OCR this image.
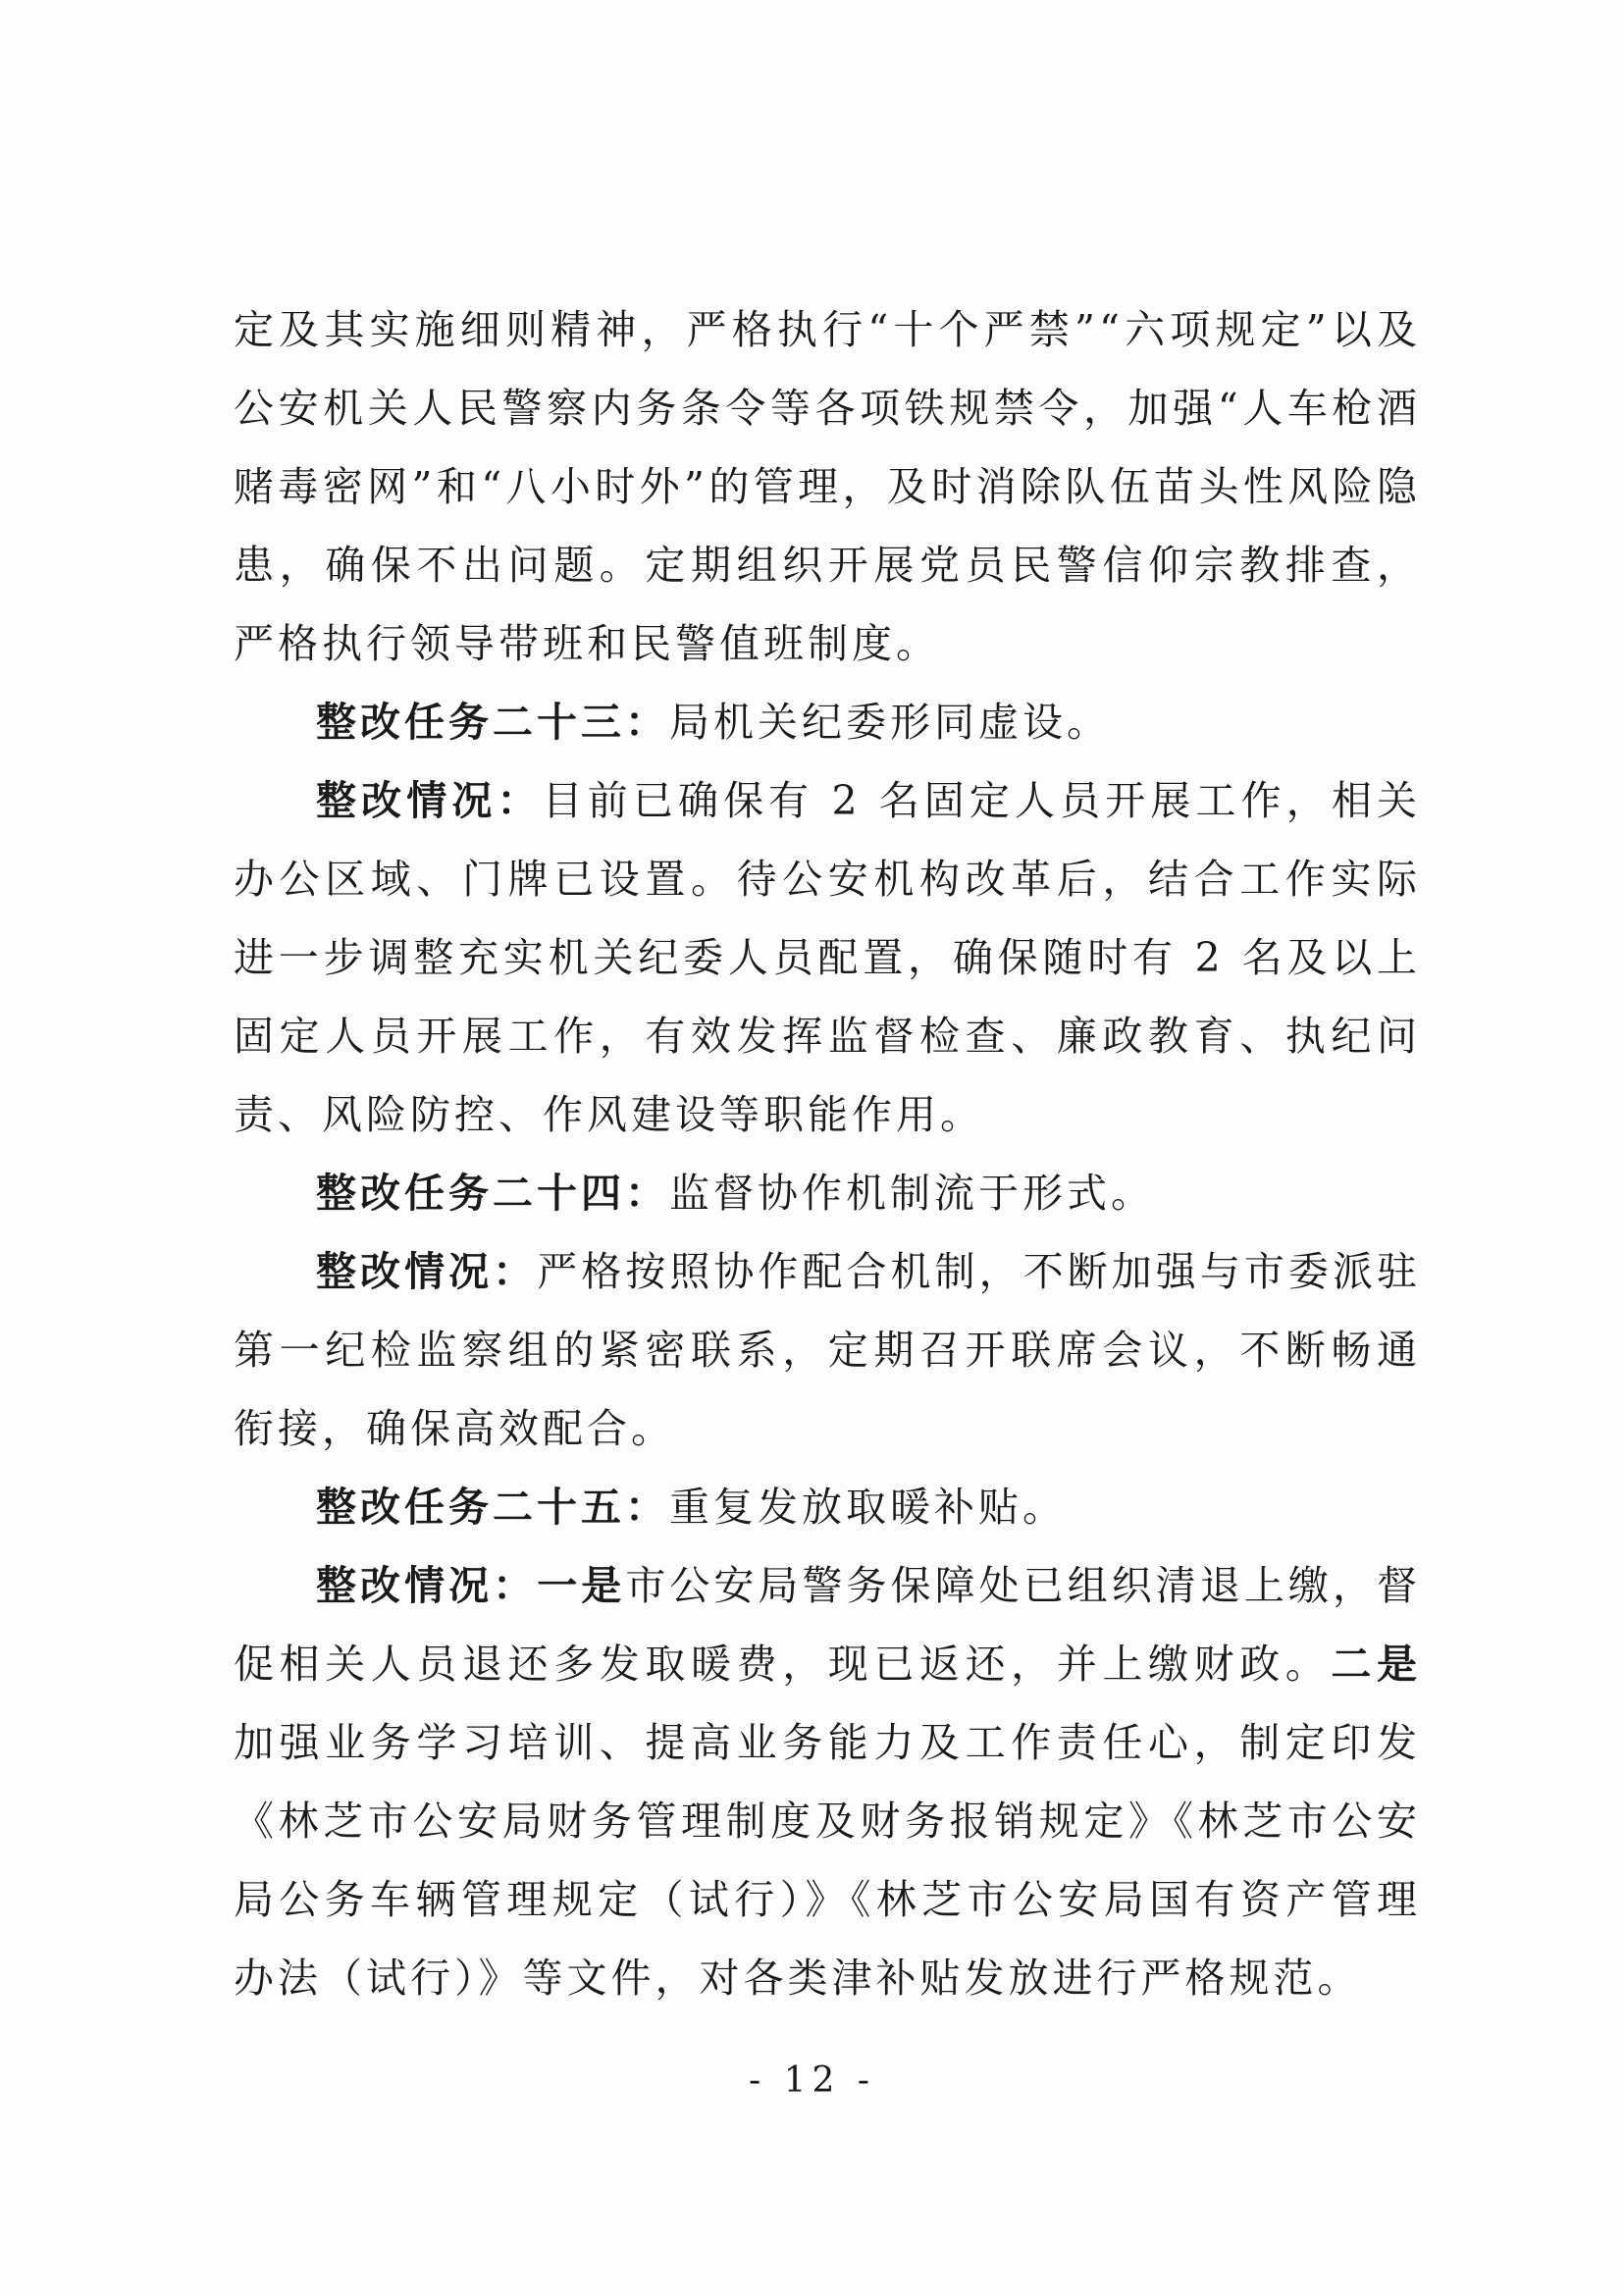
定及其实施细则精神，严格执行“十个严禁”“六项规定”以及公安机关人民警察内务条令等各项铁规禁令，加强“人车枪酒赌毒密网”和“八小时外”的管理，及时消除队伍苗头性风险隐患，确保不出问题。定期组织开展党员民警信仰宗教排查，严格执行领导带班和民警值班制度。

整改任务二十三：局机关纪委形同虚设。

整改情况：目前已确保有 2 名固定人员开展工作，相关办公区域、门牌已设置。待公安机构改革后，结合工作实际进一步调整充实机关纪委人员配置，确保随时有 2 名及以上固定人员开展工作，有效发挥监督检查、廉政教育、执纪问责、风险防控、作风建设等职能作用。

整改任务二十四：监督协作机制流于形式。

整改情况：严格按照协作配合机制，不断加强与市委派驻第一纪检监察组的紧密联系，定期召开联席会议，不断畅通衔接，确保高效配合。

整改任务二十五：重复发放取暖补贴。

整改情况：一是市公安局警务保障处已组织清退上缴，督促相关人员退还多发取暖费，现已返还，并上缴财政。二是加强业务学习培训、提高业务能力及工作责任心，制定印发《林芝市公安局财务管理制度及财务报销规定》《林芝市公安局公务车辆管理规定（试行）》《林芝市公安局国有资产管理办法（试行）》等文件，对各类津补贴发放进行严格规范。

- 12 -
